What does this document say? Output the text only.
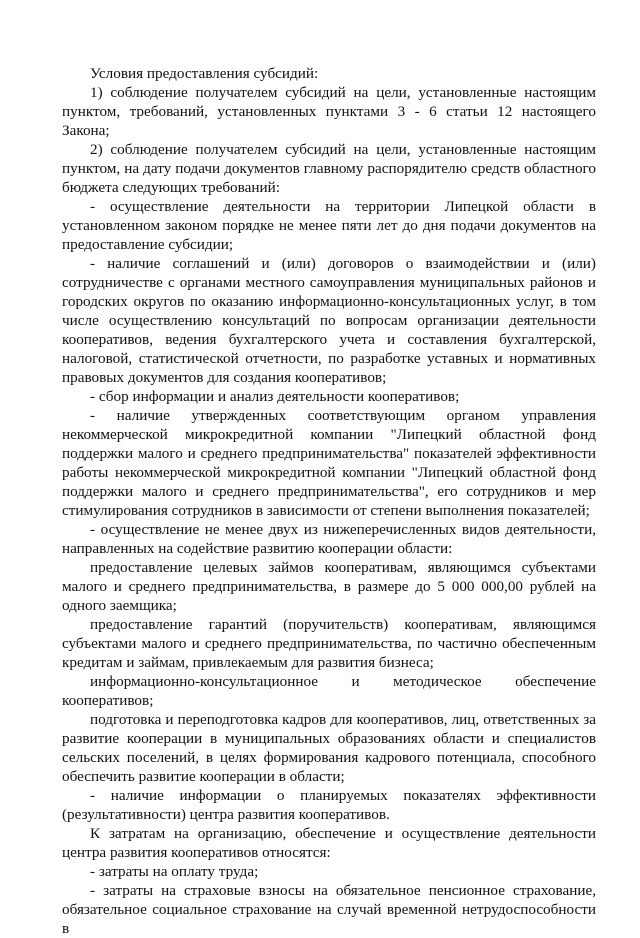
Условия предоставления субсидий:

1) соблюдение получателем субсидий на цели, установленные настоящим пунктом, требований, установленных пунктами 3 - 6 статьи 12 настоящего Закона;

2) соблюдение получателем субсидий на цели, установленные настоящим пунктом, на дату подачи документов главному распорядителю средств областного бюджета следующих требований:

- осуществление деятельности на территории Липецкой области в установленном законом порядке не менее пяти лет до дня подачи документов на предоставление субсидии;

- наличие соглашений и (или) договоров о взаимодействии и (или) сотрудничестве с органами местного самоуправления муниципальных районов и городских округов по оказанию информационно-консультационных услуг, в том числе осуществлению консультаций по вопросам организации деятельности кооперативов, ведения бухгалтерского учета и составления бухгалтерской, налоговой, статистической отчетности, по разработке уставных и нормативных правовых документов для создания кооперативов;

- сбор информации и анализ деятельности кооперативов;

- наличие утвержденных соответствующим органом управления некоммерческой микрокредитной компании "Липецкий областной фонд поддержки малого и среднего предпринимательства" показателей эффективности работы некоммерческой микрокредитной компании "Липецкий областной фонд поддержки малого и среднего предпринимательства", его сотрудников и мер стимулирования сотрудников в зависимости от степени выполнения показателей;

- осуществление не менее двух из нижеперечисленных видов деятельности, направленных на содействие развитию кооперации области:

предоставление целевых займов кооперативам, являющимся субъектами малого и среднего предпринимательства, в размере до 5 000 000,00 рублей на одного заемщика;

предоставление гарантий (поручительств) кооперативам, являющимся субъектами малого и среднего предпринимательства, по частично обеспеченным кредитам и займам, привлекаемым для развития бизнеса;

информационно-консультационное и методическое обеспечение кооперативов;

подготовка и переподготовка кадров для кооперативов, лиц, ответственных за развитие кооперации в муниципальных образованиях области и специалистов сельских поселений, в целях формирования кадрового потенциала, способного обеспечить развитие кооперации в области;

- наличие информации о планируемых показателях эффективности (результативности) центра развития кооперативов.

К затратам на организацию, обеспечение и осуществление деятельности центра развития кооперативов относятся:

- затраты на оплату труда;

- затраты на страховые взносы на обязательное пенсионное страхование, обязательное социальное страхование на случай временной нетрудоспособности в
